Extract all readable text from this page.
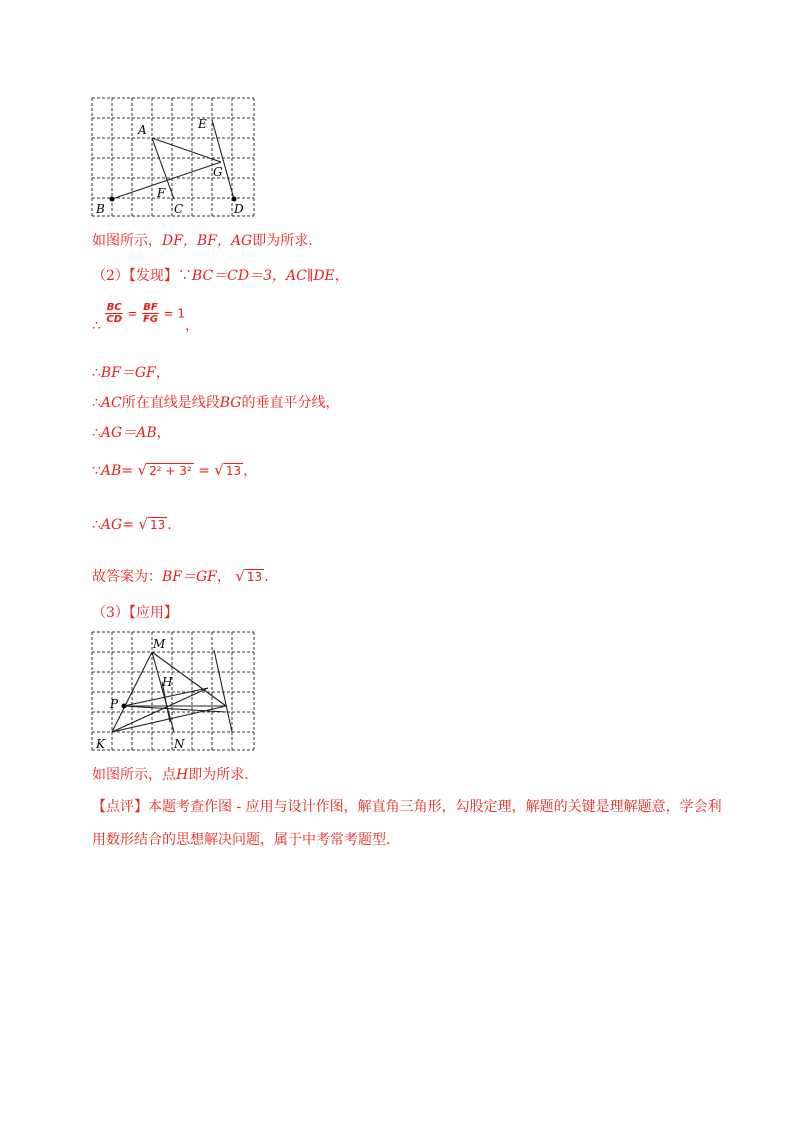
A	E
G
F
B	C	D
如图所示，DF，BF，AG即为所求.
（2）【发现】∵BC＝CD＝3，AC∥DE，
∴
$\frac{BC}{CD} = \frac{BF}{FG} = 1$，
∴BF＝GF，
∴AC所在直线是线段BG的垂直平分线，
∴AG＝AB，
∵AB= √ 2² + 3² = √ 13 ，
∴AG= √ 13 .
故答案为：BF＝GF， √ 13 .
（3）【应用】
M
H
P
K	N
如图所示，点H即为所求.
【点评】本题考查作图 - 应用与设计作图，解直角三角形，勾股定理，解题的关键是理解题意，学会利
用数形结合的思想解决问题，属于中考常考题型.
